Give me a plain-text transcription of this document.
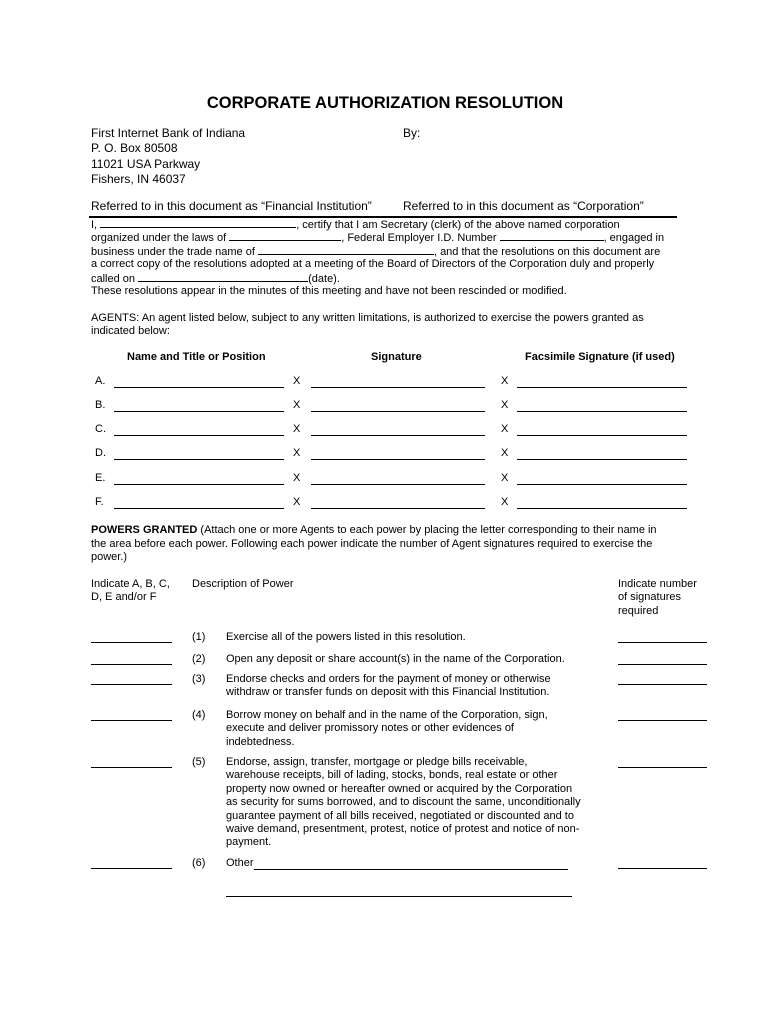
CORPORATE AUTHORIZATION RESOLUTION
First Internet Bank of Indiana
P. O. Box 80508
11021 USA Parkway
Fishers, IN 46037
By:
Referred to in this document as “Financial Institution”	Referred to in this document as “Corporation”
I,	, certify that I am Secretary (clerk) of the above named corporation
organized under the laws of	, Federal Employer I.D. Number	, engaged in
business under the trade name of	, and that the resolutions on this document are
a correct copy of the resolutions adopted at a meeting of the Board of Directors of the Corporation duly and properly
called on	(date).
These resolutions appear in the minutes of this meeting and have not been rescinded or modified.
AGENTS: An agent listed below, subject to any written limitations, is authorized to exercise the powers granted as
indicated below:
Name and Title or Position	Signature	Facsimile Signature (if used)
A.	X	X
B.	X	X
C.	X	X
D.	X	X
E.	X	X
F.	X	X
POWERS GRANTED (Attach one or more Agents to each power by placing the letter corresponding to their name in
the area before each power. Following each power indicate the number of Agent signatures required to exercise the
power.)
Indicate A, B, C,
D, E and/or F
Description of Power	Indicate number
of signatures
required
(1) Exercise all of the powers listed in this resolution.
(2) Open any deposit or share account(s) in the name of the Corporation.
(3) Endorse checks and orders for the payment of money or otherwise withdraw or transfer funds on deposit with this Financial Institution.
(4) Borrow money on behalf and in the name of the Corporation, sign, execute and deliver promissory notes or other evidences of indebtedness.
(5) Endorse, assign, transfer, mortgage or pledge bills receivable, warehouse receipts, bill of lading, stocks, bonds, real estate or other property now owned or hereafter owned or acquired by the Corporation as security for sums borrowed, and to discount the same, unconditionally guarantee payment of all bills received, negotiated or discounted and to waive demand, presentment, protest, notice of protest and notice of non-payment.
(6) Other
